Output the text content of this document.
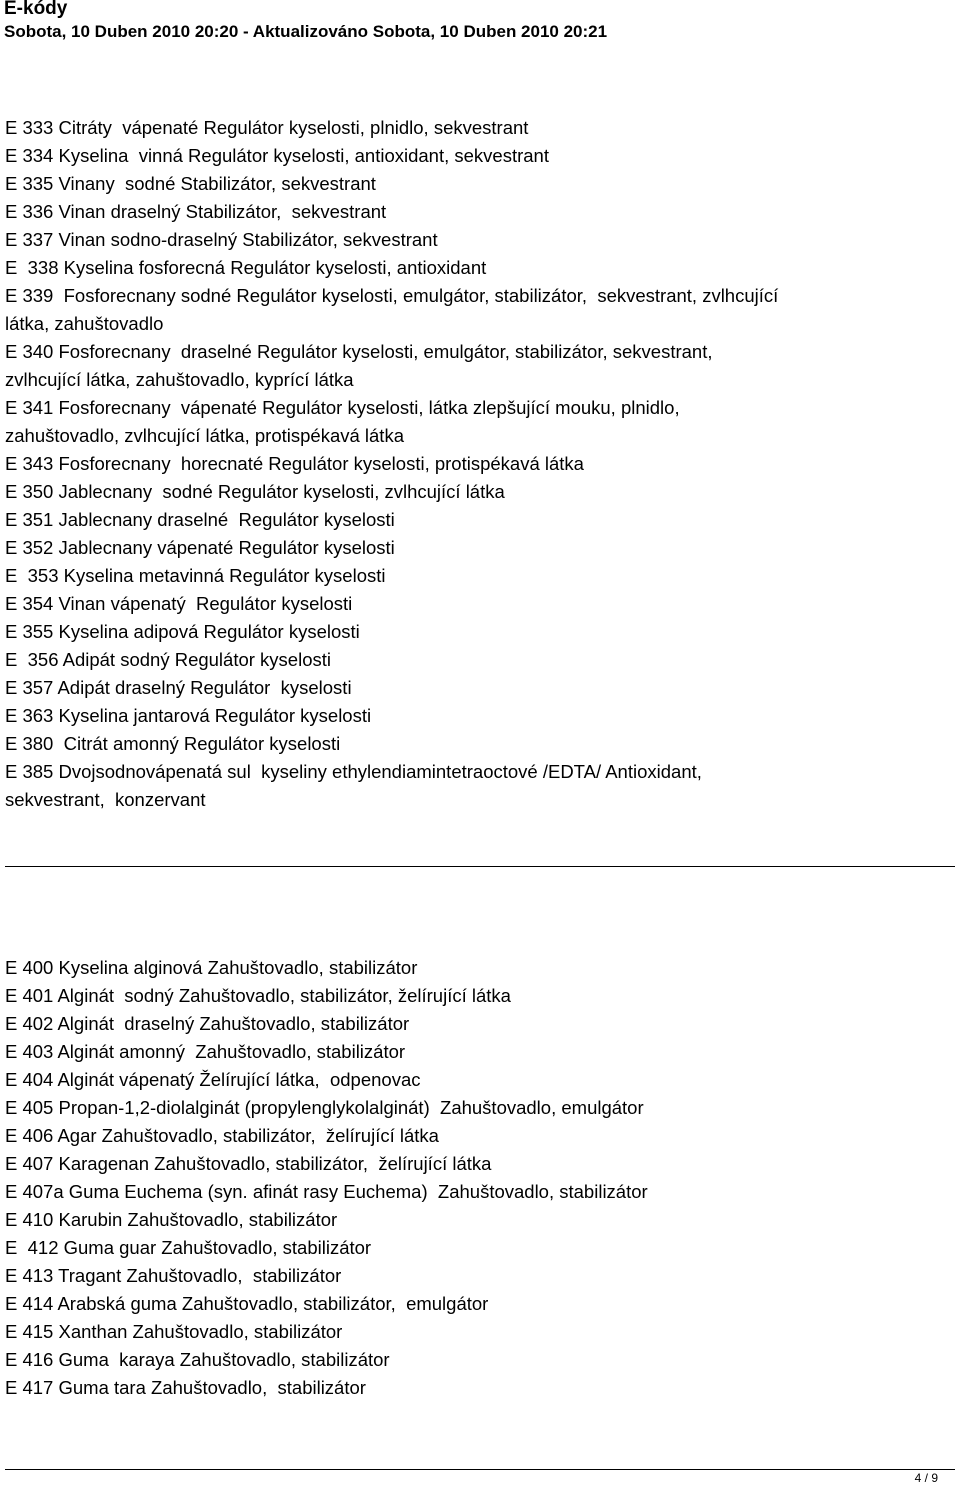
E-kódy
Sobota, 10 Duben 2010 20:20 - Aktualizováno Sobota, 10 Duben 2010 20:21
E 333 Citráty  vápenaté Regulátor kyselosti, plnidlo, sekvestrant
E 334 Kyselina  vinná Regulátor kyselosti, antioxidant, sekvestrant
E 335 Vinany  sodné Stabilizátor, sekvestrant
E 336 Vinan draselný Stabilizátor,  sekvestrant
E 337 Vinan sodno-draselný Stabilizátor, sekvestrant
E  338 Kyselina fosforecná Regulátor kyselosti, antioxidant
E 339  Fosforecnany sodné Regulátor kyselosti, emulgátor, stabilizátor,  sekvestrant, zvlhcující
látka, zahuštovadlo
E 340 Fosforecnany  draselné Regulátor kyselosti, emulgátor, stabilizátor, sekvestrant,
zvlhcující látka, zahuštovadlo, kyprící látka
E 341 Fosforecnany  vápenaté Regulátor kyselosti, látka zlepšující mouku, plnidlo,
zahuštovadlo, zvlhcující látka, protispékavá látka
E 343 Fosforecnany  horecnaté Regulátor kyselosti, protispékavá látka
E 350 Jablecnany  sodné Regulátor kyselosti, zvlhcující látka
E 351 Jablecnany draselné  Regulátor kyselosti
E 352 Jablecnany vápenaté Regulátor kyselosti
E  353 Kyselina metavinná Regulátor kyselosti
E 354 Vinan vápenatý  Regulátor kyselosti
E 355 Kyselina adipová Regulátor kyselosti
E  356 Adipát sodný Regulátor kyselosti
E 357 Adipát draselný Regulátor  kyselosti
E 363 Kyselina jantarová Regulátor kyselosti
E 380  Citrát amonný Regulátor kyselosti
E 385 Dvojsodnovápenatá sul  kyseliny ethylendiamintetraoctové /EDTA/ Antioxidant,
sekvestrant,  konzervant
E 400 Kyselina alginová Zahuštovadlo, stabilizátor
E 401 Alginát  sodný Zahuštovadlo, stabilizátor, želírující látka
E 402 Alginát  draselný Zahuštovadlo, stabilizátor
E 403 Alginát amonný  Zahuštovadlo, stabilizátor
E 404 Alginát vápenatý Želírující látka,  odpenovac
E 405 Propan-1,2-diolalginát (propylenglykolalginát)  Zahuštovadlo, emulgátor
E 406 Agar Zahuštovadlo, stabilizátor,  želírující látka
E 407 Karagenan Zahuštovadlo, stabilizátor,  želírující látka
E 407a Guma Euchema (syn. afinát rasy Euchema)  Zahuštovadlo, stabilizátor
E 410 Karubin Zahuštovadlo, stabilizátor
E  412 Guma guar Zahuštovadlo, stabilizátor
E 413 Tragant Zahuštovadlo,  stabilizátor
E 414 Arabská guma Zahuštovadlo, stabilizátor,  emulgátor
E 415 Xanthan Zahuštovadlo, stabilizátor
E 416 Guma  karaya Zahuštovadlo, stabilizátor
E 417 Guma tara Zahuštovadlo,  stabilizátor
4 / 9
